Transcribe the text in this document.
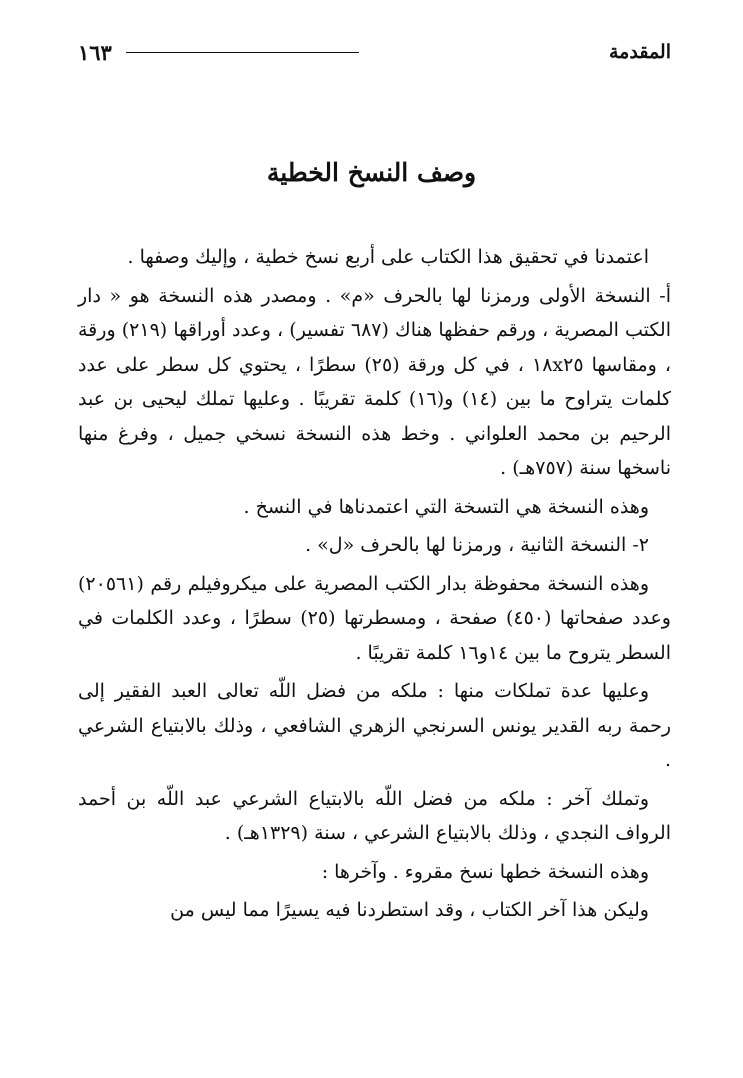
١٦٣	المقدمة
وصف النسخ الخطية

اعتمدنا في تحقيق هذا الكتاب على أربع نسخ خطية ، وإليك وصفها .

أ- النسخة الأولى ورمزنا لها بالحرف «م» . ومصدر هذه النسخة هو « دار الكتب المصرية ، ورقم حفظها هناك (٦٨٧ تفسير) ، وعدد أوراقها (٢١٩) ورقة ، ومقاسها ١٨x٢٥ ، في كل ورقة (٢٥) سطرًا ، يحتوي كل سطر على عدد كلمات يتراوح ما بين (١٤) و(١٦) كلمة تقريبًا . وعليها تملك ليحيى بن عبد الرحيم بن محمد العلواني . وخط هذه النسخة نسخي جميل ، وفرغ منها ناسخها سنة (٧٥٧هـ) .

وهذه النسخة هي التسخة التي اعتمدناها في النسخ .

٢- النسخة الثانية ، ورمزنا لها بالحرف «ل» .

وهذه النسخة محفوظة بدار الكتب المصرية على ميكروفيلم رقم (٢٠٥٦١) وعدد صفحاتها (٤٥٠) صفحة ، ومسطرتها (٢٥) سطرًا ، وعدد الكلمات في السطر يتروح ما بين ١٤و١٦ كلمة تقريبًا .

وعليها عدة تملكات منها : ملكه من فضل اللّه تعالى العبد الفقير إلى رحمة ربه القدير يونس السرنجي الزهري الشافعي ، وذلك بالابتياع الشرعي .

وتملك آخر : ملكه من فضل اللّه بالابتياع الشرعي عبد اللّه بن أحمد الرواف النجدي ، وذلك بالابتياع الشرعي ، سنة (١٣٢٩هـ) .

وهذه النسخة خطها نسخ مقروء . وآخرها :

وليكن هذا آخر الكتاب ، وقد استطردنا فيه يسيرًا مما ليس من
